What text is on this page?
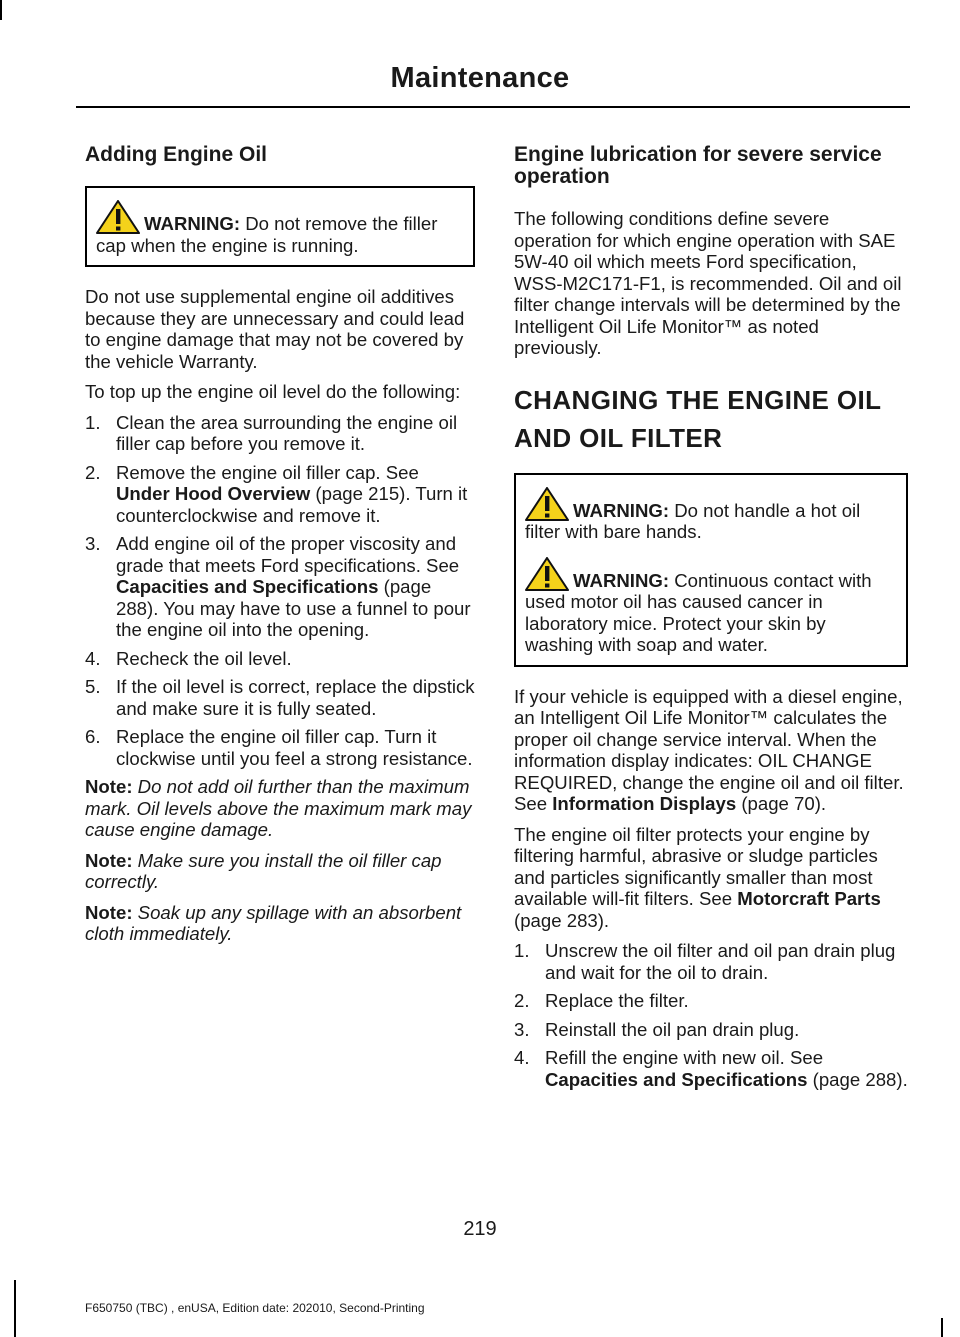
Maintenance
Adding Engine Oil
WARNING: Do not remove the filler cap when the engine is running.

Do not use supplemental engine oil additives because they are unnecessary and could lead to engine damage that may not be covered by the vehicle Warranty.

To top up the engine oil level do the following:

1. Clean the area surrounding the engine oil filler cap before you remove it.
2. Remove the engine oil filler cap. See Under Hood Overview (page 215). Turn it counterclockwise and remove it.
3. Add engine oil of the proper viscosity and grade that meets Ford specifications. See Capacities and Specifications (page 288). You may have to use a funnel to pour the engine oil into the opening.
4. Recheck the oil level.
5. If the oil level is correct, replace the dipstick and make sure it is fully seated.
6. Replace the engine oil filler cap. Turn it clockwise until you feel a strong resistance.

Note: Do not add oil further than the maximum mark. Oil levels above the maximum mark may cause engine damage.

Note: Make sure you install the oil filler cap correctly.

Note: Soak up any spillage with an absorbent cloth immediately.

Engine lubrication for severe service operation

The following conditions define severe operation for which engine operation with SAE 5W-40 oil which meets Ford specification, WSS-M2C171-F1, is recommended. Oil and oil filter change intervals will be determined by the Intelligent Oil Life Monitor™ as noted previously.

CHANGING THE ENGINE OIL
AND OIL FILTER
WARNING: Do not handle a hot oil filter with bare hands.
WARNING: Continuous contact with used motor oil has caused cancer in laboratory mice. Protect your skin by washing with soap and water.

If your vehicle is equipped with a diesel engine, an Intelligent Oil Life Monitor™ calculates the proper oil change service interval. When the information display indicates: OIL CHANGE REQUIRED, change the engine oil and oil filter. See Information Displays (page 70).

The engine oil filter protects your engine by filtering harmful, abrasive or sludge particles and particles significantly smaller than most available will-fit filters. See Motorcraft Parts (page 283).

1. Unscrew the oil filter and oil pan drain plug and wait for the oil to drain.
2. Replace the filter.
3. Reinstall the oil pan drain plug.
4. Refill the engine with new oil. See Capacities and Specifications (page 288).
219
F650750 (TBC) , enUSA, Edition date: 202010, Second-Printing
